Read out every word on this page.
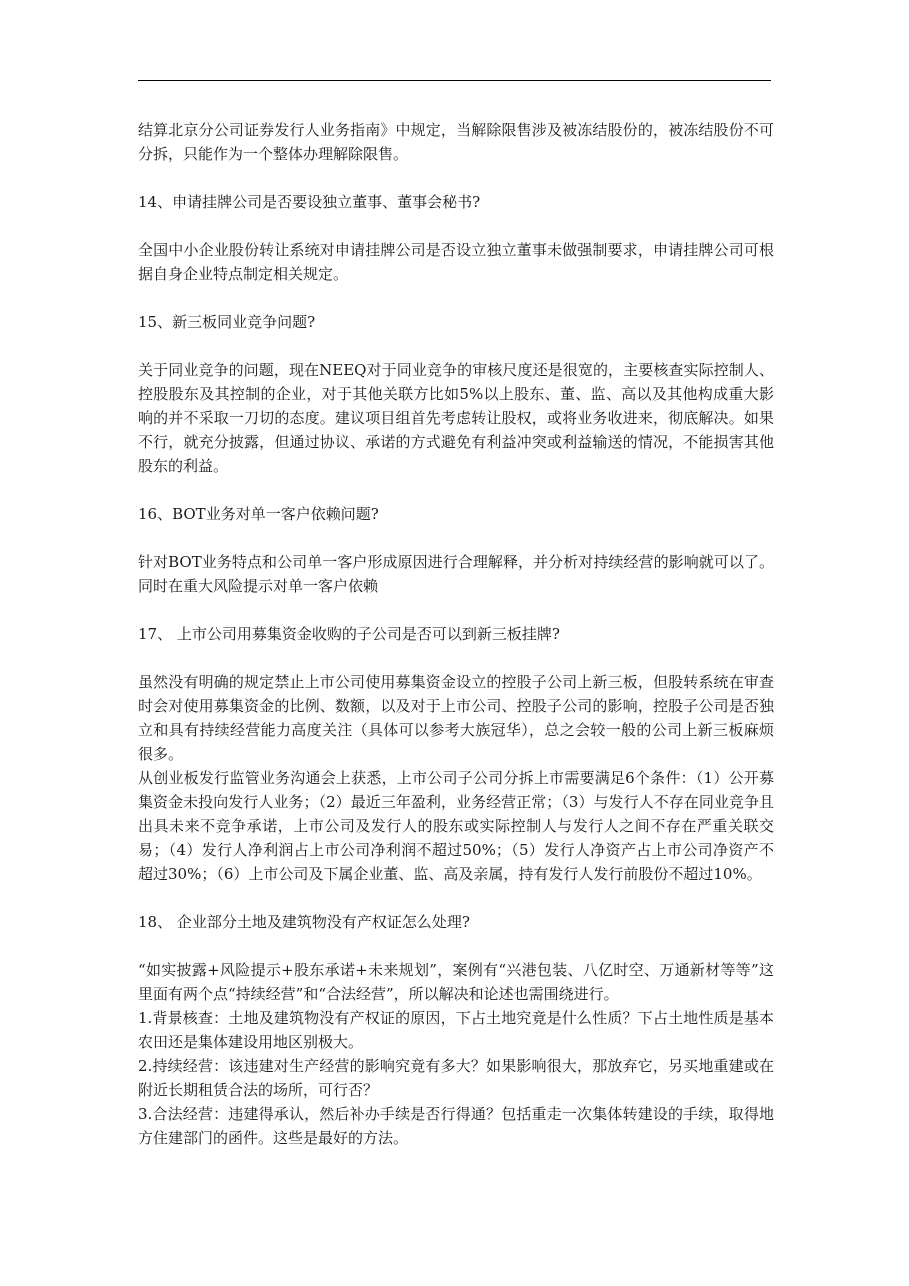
结算北京分公司证券发行人业务指南》中规定，当解除限售涉及被冻结股份的，被冻结股份不可分拆，只能作为一个整体办理解除限售。

14、申请挂牌公司是否要设独立董事、董事会秘书?

全国中小企业股份转让系统对申请挂牌公司是否设立独立董事未做强制要求，申请挂牌公司可根据自身企业特点制定相关规定。

15、新三板同业竞争问题?

关于同业竞争的问题，现在NEEQ对于同业竞争的审核尺度还是很宽的，主要核查实际控制人、控股股东及其控制的企业，对于其他关联方比如5%以上股东、董、监、高以及其他构成重大影响的并不采取一刀切的态度。建议项目组首先考虑转让股权，或将业务收进来，彻底解决。如果不行，就充分披露，但通过协议、承诺的方式避免有利益冲突或利益输送的情况，不能损害其他股东的利益。

16、BOT业务对单一客户依赖问题?

针对BOT业务特点和公司单一客户形成原因进行合理解释，并分析对持续经营的影响就可以了。同时在重大风险提示对单一客户依赖

17、 上市公司用募集资金收购的子公司是否可以到新三板挂牌?

虽然没有明确的规定禁止上市公司使用募集资金设立的控股子公司上新三板，但股转系统在审查时会对使用募集资金的比例、数额，以及对于上市公司、控股子公司的影响，控股子公司是否独立和具有持续经营能力高度关注（具体可以参考大族冠华），总之会较一般的公司上新三板麻烦很多。

从创业板发行监管业务沟通会上获悉，上市公司子公司分拆上市需要满足6个条件：（1）公开募集资金未投向发行人业务；（2）最近三年盈利，业务经营正常；（3）与发行人不存在同业竞争且出具未来不竞争承诺，上市公司及发行人的股东或实际控制人与发行人之间不存在严重关联交易；（4）发行人净利润占上市公司净利润不超过50%；（5）发行人净资产占上市公司净资产不超过30%；（6）上市公司及下属企业董、监、高及亲属，持有发行人发行前股份不超过10%。

18、 企业部分土地及建筑物没有产权证怎么处理?

“如实披露+风险提示+股东承诺+未来规划”，案例有“兴港包装、八亿时空、万通新材等等”这里面有两个点“持续经营”和“合法经营”，所以解决和论述也需围绕进行。

1.背景核查：土地及建筑物没有产权证的原因，下占土地究竟是什么性质？下占土地性质是基本农田还是集体建设用地区别极大。

2.持续经营：该违建对生产经营的影响究竟有多大？如果影响很大，那放弃它，另买地重建或在附近长期租赁合法的场所，可行否？

3.合法经营：违建得承认，然后补办手续是否行得通？包括重走一次集体转建设的手续，取得地方住建部门的函件。这些是最好的方法。
